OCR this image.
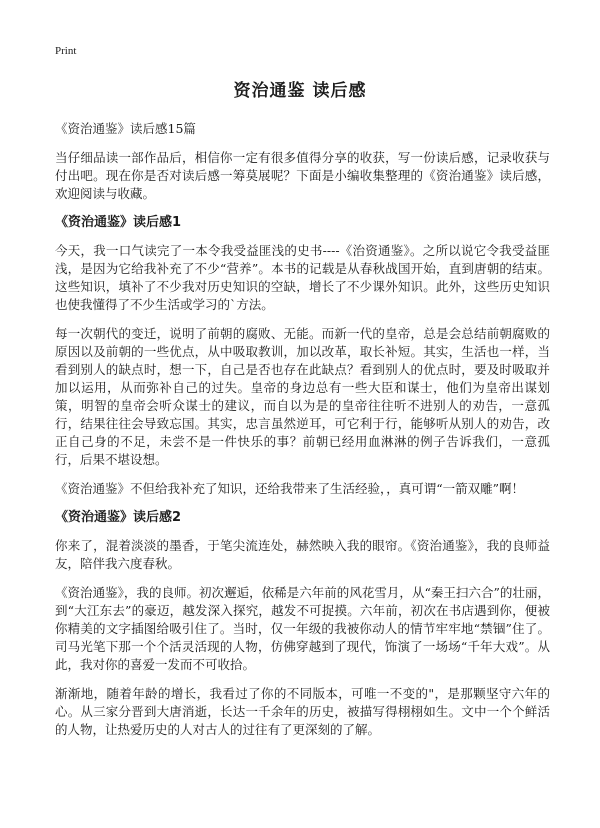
Print
资治通鉴 读后感

《资治通鉴》读后感15篇

当仔细品读一部作品后，相信你一定有很多值得分享的收获，写一份读后感，记录收获与付出吧。现在你是否对读后感一筹莫展呢？下面是小编收集整理的《资治通鉴》读后感，欢迎阅读与收藏。

《资治通鉴》读后感1

今天，我一口气读完了一本令我受益匪浅的史书----《治资通鉴》。之所以说它令我受益匪浅，是因为它给我补充了不少“营养”。本书的记载是从春秋战国开始，直到唐朝的结束。这些知识，填补了不少我对历史知识的空缺，增长了不少课外知识。此外，这些历史知识也使我懂得了不少生活或学习的`方法。

每一次朝代的变迁，说明了前朝的腐败、无能。而新一代的皇帝，总是会总结前朝腐败的原因以及前朝的一些优点，从中吸取教训，加以改革，取长补短。其实，生活也一样，当看到别人的缺点时，想一下，自己是否也存在此缺点？看到别人的优点时，要及时吸取并加以运用，从而弥补自己的过失。皇帝的身边总有一些大臣和谋士，他们为皇帝出谋划策，明智的皇帝会听众谋士的建议，而自以为是的皇帝往往听不进别人的劝告，一意孤行，结果往往会导致忘国。其实，忠言虽然逆耳，可它利于行，能够听从别人的劝告，改正自己身的不足，未尝不是一件快乐的事？前朝已经用血淋淋的例子告诉我们，一意孤行，后果不堪设想。

《资治通鉴》不但给我补充了知识，还给我带来了生活经验，，真可谓“一箭双雕”啊！

《资治通鉴》读后感2

你来了，混着淡淡的墨香，于笔尖流连处，赫然映入我的眼帘。《资治通鉴》，我的良师益友，陪伴我六度春秋。

《资治通鉴》，我的良师。初次邂逅，依稀是六年前的风花雪月，从“秦王扫六合”的壮丽，到“大江东去”的豪迈，越发深入探究，越发不可捉摸。六年前，初次在书店遇到你，便被你精美的文字插图给吸引住了。当时，仅一年级的我被你动人的情节牢牢地“禁锢”住了。司马光笔下那一个个活灵活现的人物，仿佛穿越到了现代，饰演了一场场“千年大戏”。从此，我对你的喜爱一发而不可收拾。

渐渐地，随着年龄的增长，我看过了你的不同版本，可唯一不变的"，是那颗坚守六年的心。从三家分晋到大唐消逝，长达一千余年的历史，被描写得栩栩如生。文中一个个鲜活的人物，让热爱历史的人对古人的过往有了更深刻的了解。
